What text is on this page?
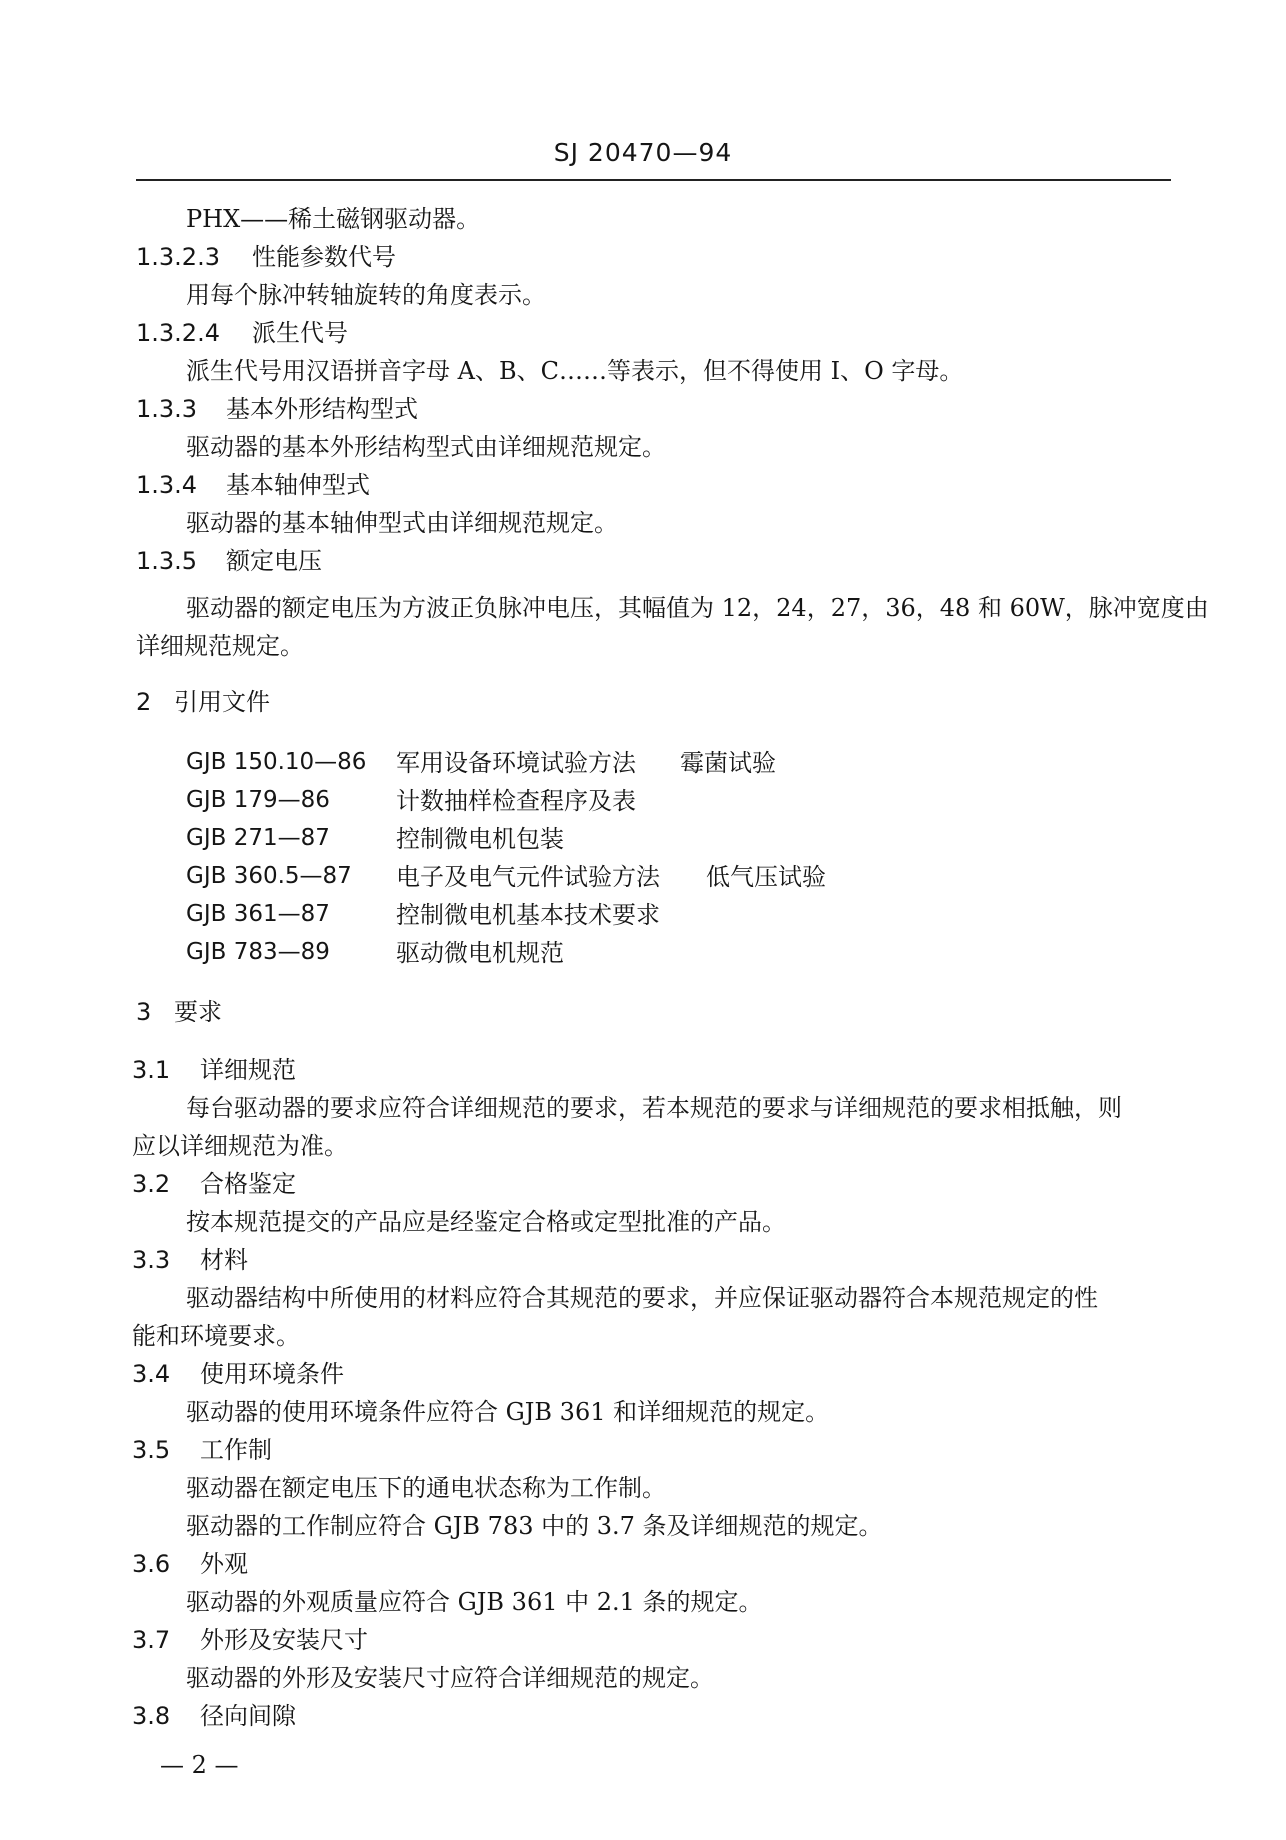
SJ 20470—94
PHX——稀土磁钢驱动器。
1.3.2.3 性能参数代号
用每个脉冲转轴旋转的角度表示。
1.3.2.4 派生代号
派生代号用汉语拼音字母 A、B、C……等表示，但不得使用 I、O 字母。
1.3.3 基本外形结构型式
驱动器的基本外形结构型式由详细规范规定。
1.3.4 基本轴伸型式
驱动器的基本轴伸型式由详细规范规定。
1.3.5 额定电压
驱动器的额定电压为方波正负脉冲电压，其幅值为 12，24，27，36，48 和 60W，脉冲宽度由
详细规范规定。
2 引用文件
GJB 150.10—86 军用设备环境试验方法 霉菌试验
GJB 179—86	计数抽样检查程序及表
GJB 271—87	控制微电机包装
GJB 360.5—87 电子及电气元件试验方法 低气压试验
GJB 361—87	控制微电机基本技术要求
GJB 783—89	驱动微电机规范
3 要求
3.1 详细规范
每台驱动器的要求应符合详细规范的要求，若本规范的要求与详细规范的要求相抵触，则
应以详细规范为准。
3.2 合格鉴定
按本规范提交的产品应是经鉴定合格或定型批准的产品。
3.3 材料
驱动器结构中所使用的材料应符合其规范的要求，并应保证驱动器符合本规范规定的性
能和环境要求。
3.4 使用环境条件
驱动器的使用环境条件应符合 GJB 361 和详细规范的规定。
3.5 工作制
驱动器在额定电压下的通电状态称为工作制。
驱动器的工作制应符合 GJB 783 中的 3.7 条及详细规范的规定。
3.6 外观
驱动器的外观质量应符合 GJB 361 中 2.1 条的规定。
3.7 外形及安装尺寸
驱动器的外形及安装尺寸应符合详细规范的规定。
3.8 径向间隙
— 2 —
